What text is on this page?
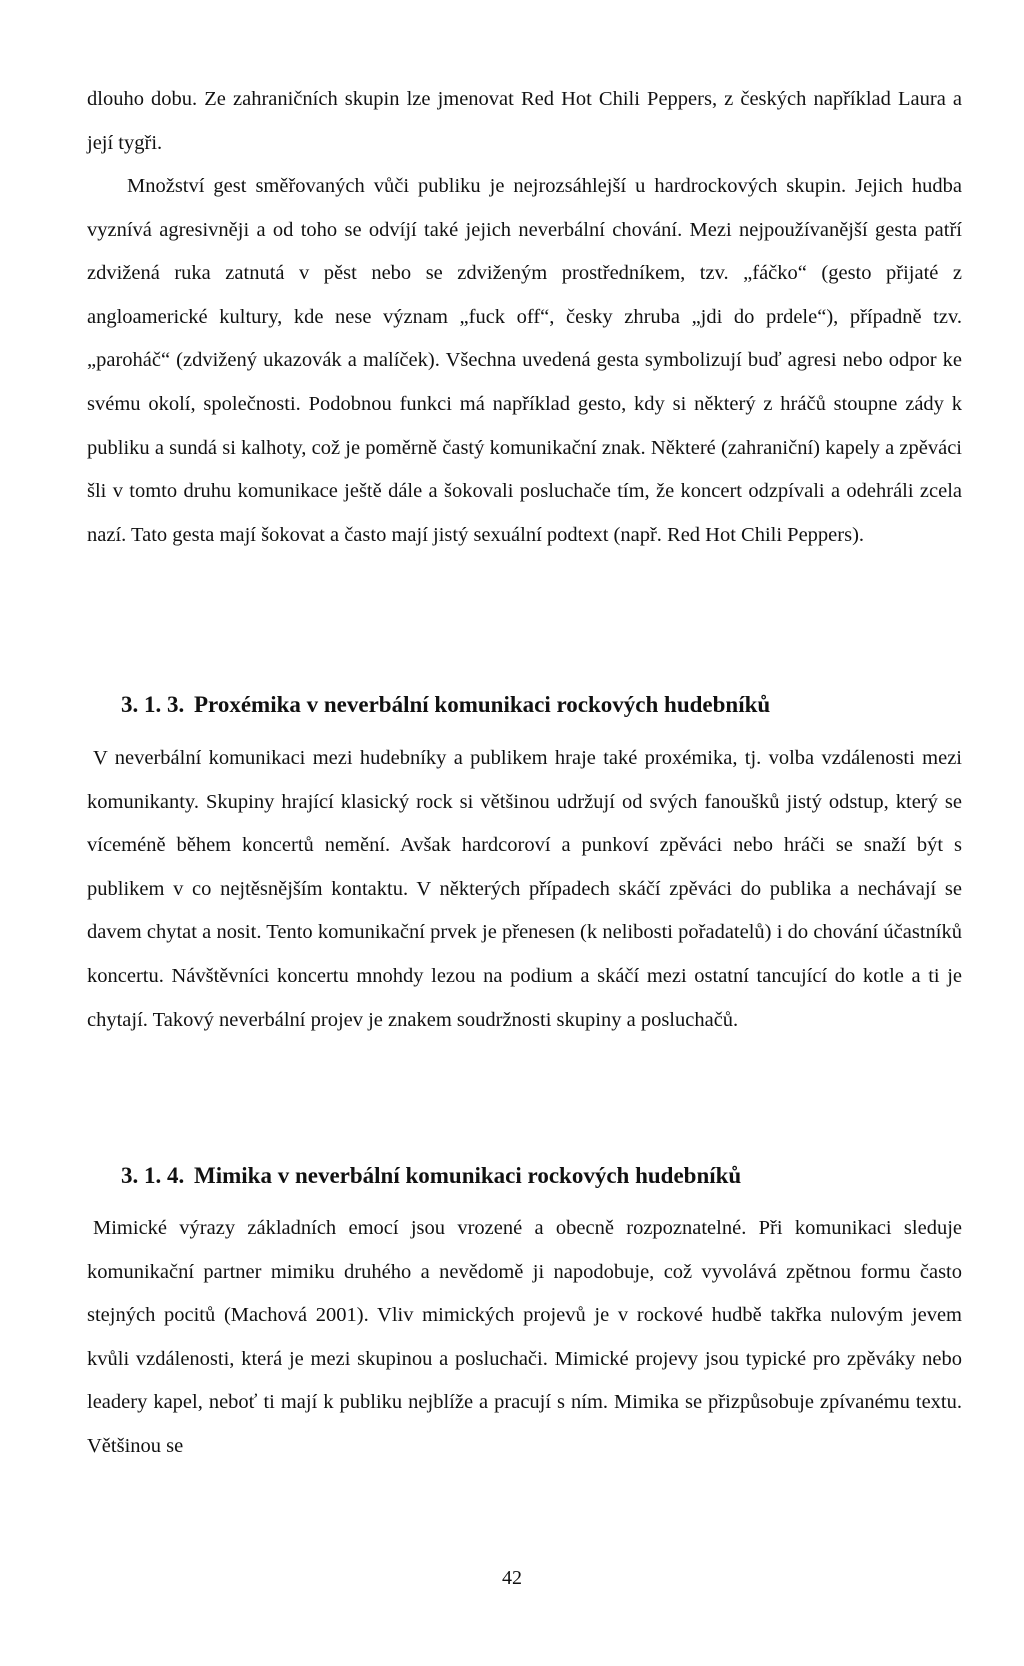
dlouho dobu. Ze zahraničních skupin lze jmenovat Red Hot Chili Peppers, z českých například Laura a její tygři.

Množství gest směřovaných vůči publiku je nejrozsáhlejší u hardrockových skupin. Jejich hudba vyznívá agresivněji a od toho se odvíjí také jejich neverbální chování. Mezi nejpoužívanější gesta patří zdvižená ruka zatnutá v pěst nebo se zdviženým prostředníkem, tzv. „fáčko“ (gesto přijaté z angloamerické kultury, kde nese význam „fuck off“, česky zhruba „jdi do prdele“), případně tzv. „paroháč“ (zdvižený ukazovák a malíček). Všechna uvedená gesta symbolizují buď agresi nebo odpor ke svému okolí, společnosti. Podobnou funkci má například gesto, kdy si některý z hráčů stoupne zády k publiku a sundá si kalhoty, což je poměrně častý komunikační znak. Některé (zahraniční) kapely a zpěváci šli v tomto druhu komunikace ještě dále a šokovali posluchače tím, že koncert odzpívali a odehráli zcela nazí. Tato gesta mají šokovat a často mají jistý sexuální podtext (např. Red Hot Chili Peppers).

3. 1. 3. Proxémika v neverbální komunikaci rockových hudebníků

V neverbální komunikaci mezi hudebníky a publikem hraje také proxémika, tj. volba vzdálenosti mezi komunikanty. Skupiny hrající klasický rock si většinou udržují od svých fanoušků jistý odstup, který se víceméně během koncertů nemění. Avšak hardcoroví a punkoví zpěváci nebo hráči se snaží být s publikem v co nejtěsnějším kontaktu. V některých případech skáčí zpěváci do publika a nechávají se davem chytat a nosit. Tento komunikační prvek je přenesen (k nelibosti pořadatelů) i do chování účastníků koncertu. Návštěvníci koncertu mnohdy lezou na podium a skáčí mezi ostatní tancující do kotle a ti je chytají. Takový neverbální projev je znakem soudržnosti skupiny a posluchačů.

3. 1. 4. Mimika v neverbální komunikaci rockových hudebníků

Mimické výrazy základních emocí jsou vrozené a obecně rozpoznatelné. Při komunikaci sleduje komunikační partner mimiku druhého a nevědomě ji napodobuje, což vyvolává zpětnou formu často stejných pocitů (Machová 2001). Vliv mimických projevů je v rockové hudbě takřka nulovým jevem kvůli vzdálenosti, která je mezi skupinou a posluchači. Mimické projevy jsou typické pro zpěváky nebo leadery kapel, neboť ti mají k publiku nejblíže a pracují s ním. Mimika se přizpůsobuje zpívanému textu. Většinou se

42
